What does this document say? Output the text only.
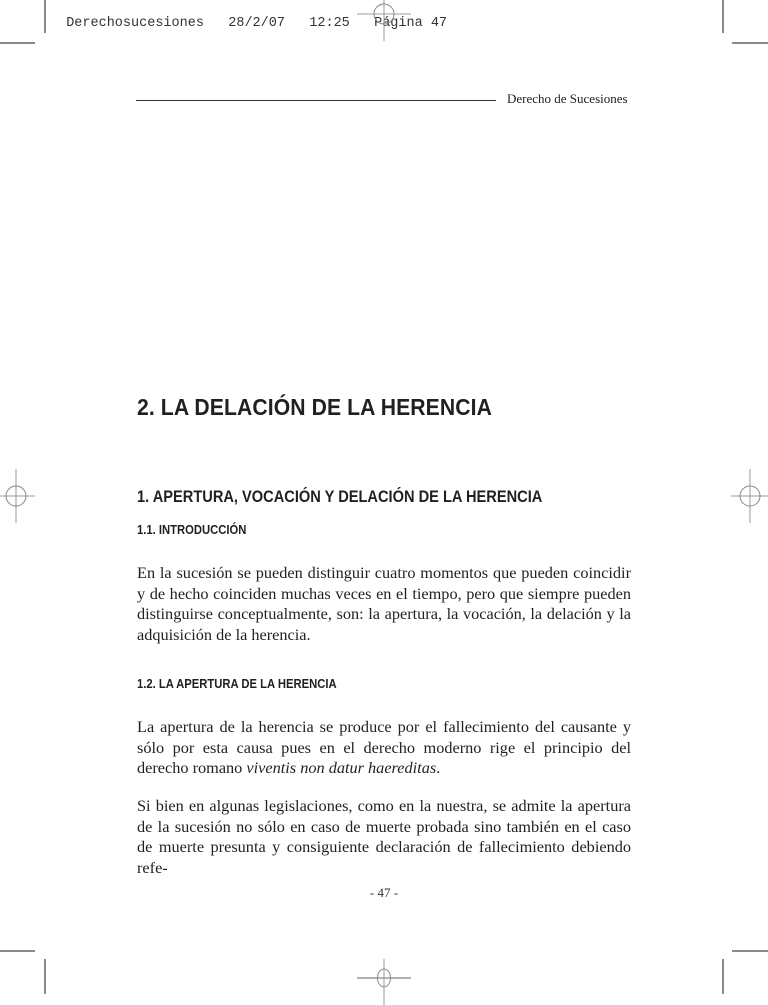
Derechosucesiones 28/2/07 12:25 Página 47

Derecho de Sucesiones
2. LA DELACIÓN DE LA HERENCIA
1. APERTURA, VOCACIÓN Y DELACIÓN DE LA HERENCIA
1.1. INTRODUCCIÓN

En la sucesión se pueden distinguir cuatro momentos que pueden coincidir y de hecho coinciden muchas veces en el tiempo, pero que siempre pueden distinguirse conceptualmente, son: la apertura, la vocación, la delación y la adquisición de la herencia.

1.2. LA APERTURA DE LA HERENCIA

La apertura de la herencia se produce por el fallecimiento del causante y sólo por esta causa pues en el derecho moderno rige el principio del derecho romano viventis non datur haereditas.

Si bien en algunas legislaciones, como en la nuestra, se admite la apertura de la sucesión no sólo en caso de muerte probada sino también en el caso de muerte presunta y consiguiente declaración de fallecimiento debiendo refe-

- 47 -
